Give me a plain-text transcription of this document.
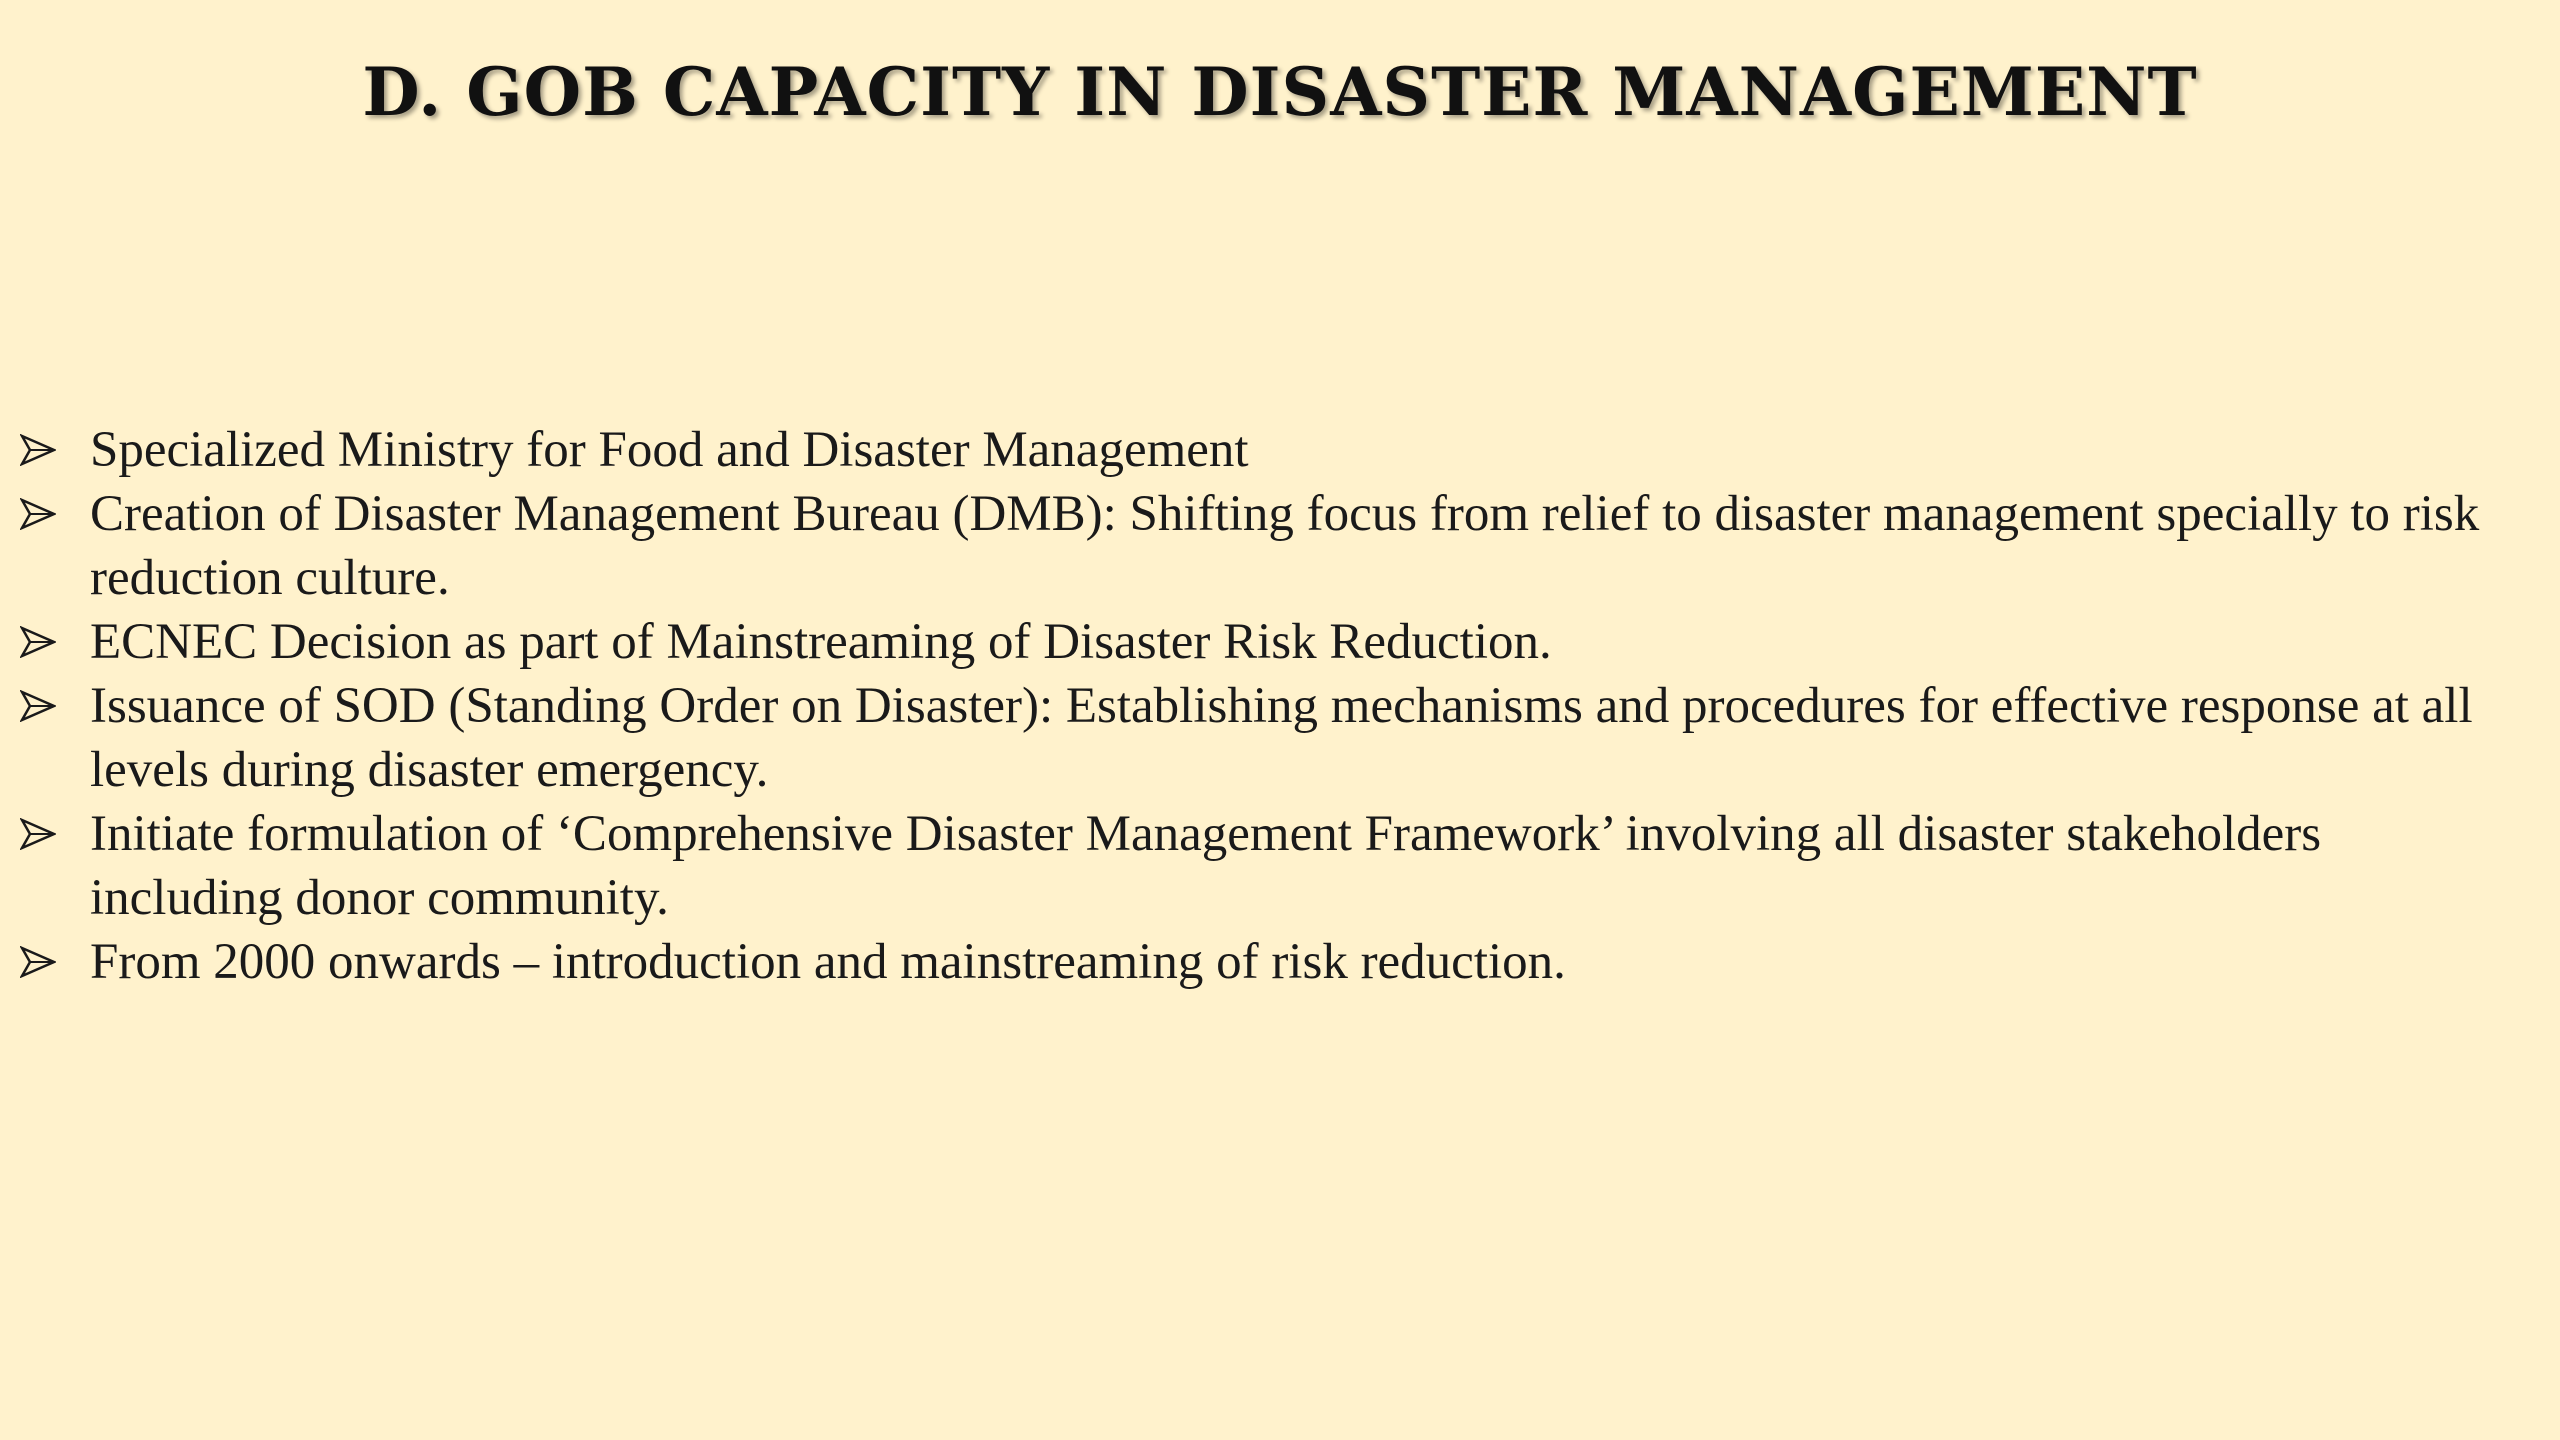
D. GOB CAPACITY IN DISASTER MANAGEMENT
Specialized Ministry for Food and Disaster Management
Creation of Disaster Management Bureau (DMB): Shifting focus from relief to disaster management specially to risk reduction culture.
ECNEC Decision as part of Mainstreaming of Disaster Risk Reduction.
Issuance of SOD (Standing Order on Disaster): Establishing mechanisms and procedures for effective response at all levels during disaster emergency.
Initiate formulation of ‘Comprehensive Disaster Management Framework’ involving all disaster stakeholders including donor community.
From 2000 onwards – introduction and mainstreaming of risk reduction.
